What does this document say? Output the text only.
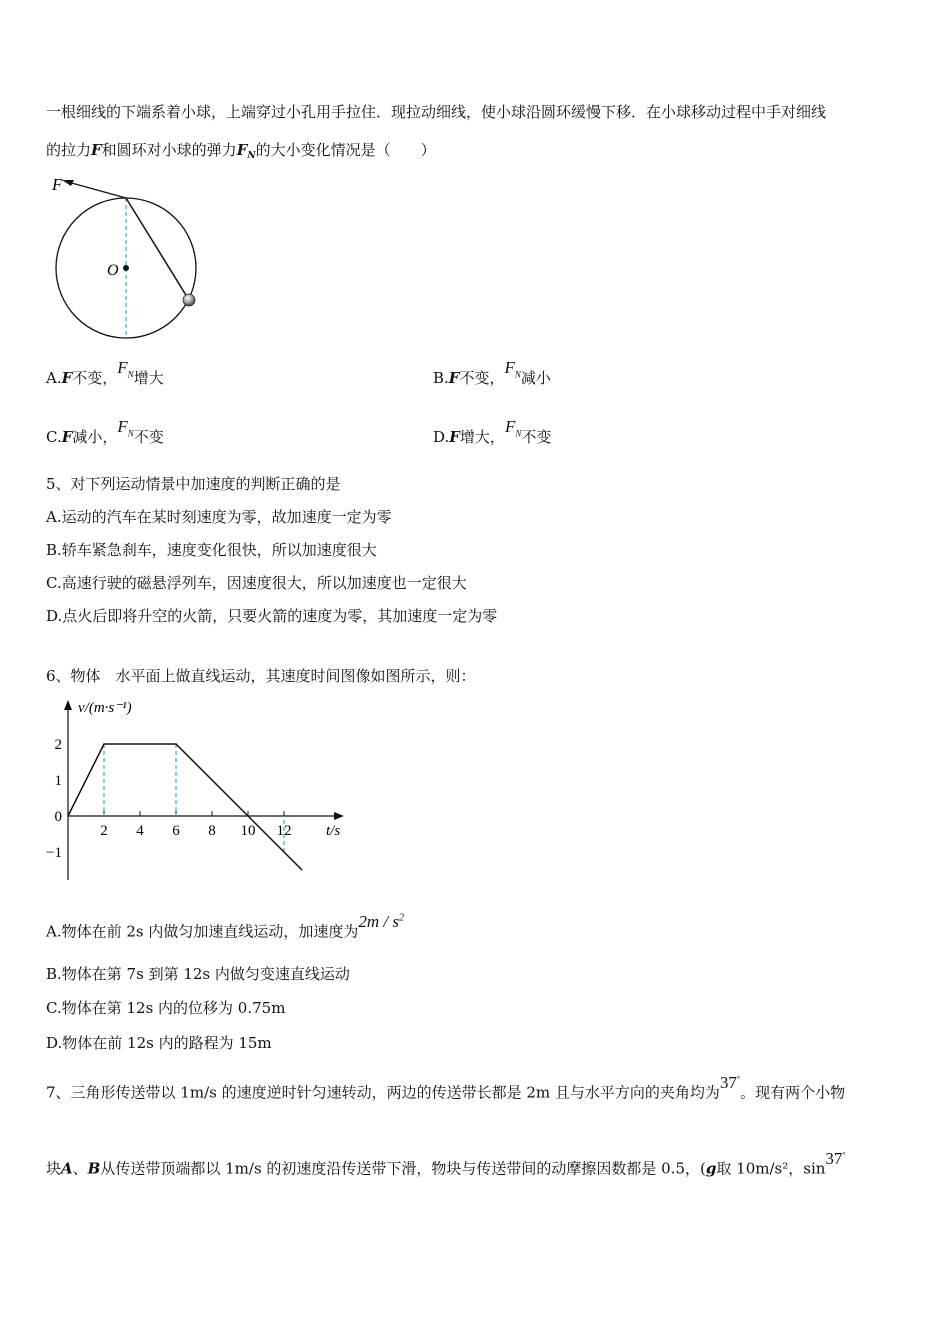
一根细线的下端系着小球，上端穿过小孔用手拉住．现拉动细线，使小球沿圆环缓慢下移．在小球移动过程中手对细线
的拉力F和圆环对小球的弹力$F_N$的大小变化情况是（　　）
F
O
A.F不变，$F_N$增大	B.F不变，$F_N$减小
C.F减小，$F_N$不变	D.F增大，$F_N$不变
5、对下列运动情景中加速度的判断正确的是
A.运动的汽车在某时刻速度为零，故加速度一定为零
B.轿车紧急刹车，速度变化很快，所以加速度很大
C.高速行驶的磁悬浮列车，因速度很大，所以加速度也一定很大
D.点火后即将升空的火箭，只要火箭的速度为零，其加速度一定为零
6、物体　水平面上做直线运动，其速度时间图像如图所示，则：
v/(m·s⁻¹)
t/s
2
1
0
−1
2 4 6 8 10 12
A.物体在前 2s 内做匀加速直线运动，加速度为$2m / s^2$
B.物体在第 7s 到第 12s 内做匀变速直线运动
C.物体在第 12s 内的位移为 0.75m
D.物体在前 12s 内的路程为 15m
7、三角形传送带以 1m/s 的速度逆时针匀速转动，两边的传送带长都是 2m 且与水平方向的夹角均为37°。现有两个小物
块A、B从传送带顶端都以 1m/s 的初速度沿传送带下滑，物块与传送带间的动摩擦因数都是 0.5，(g取 10m/s²，sin37°
